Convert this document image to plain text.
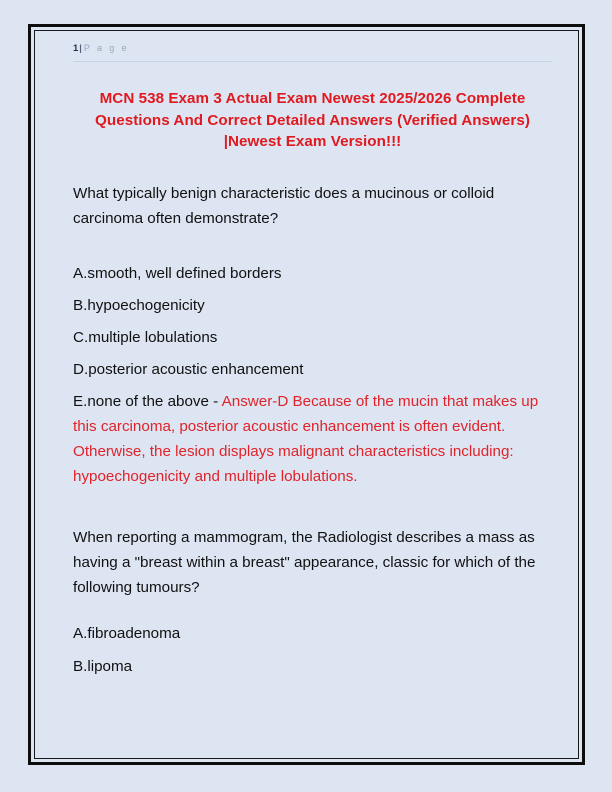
1| P a g e
MCN 538 Exam 3 Actual Exam Newest 2025/2026 Complete Questions And Correct Detailed Answers (Verified Answers) |Newest Exam Version!!!

What typically benign characteristic does a mucinous or colloid carcinoma often demonstrate?

A.smooth, well defined borders

B.hypoechogenicity

C.multiple lobulations

D.posterior acoustic enhancement

E.none of the above - Answer-D Because of the mucin that makes up this carcinoma, posterior acoustic enhancement is often evident. Otherwise, the lesion displays malignant characteristics including: hypoechogenicity and multiple lobulations.

When reporting a mammogram, the Radiologist describes a mass as having a "breast within a breast" appearance, classic for which of the following tumours?

A.fibroadenoma

B.lipoma
